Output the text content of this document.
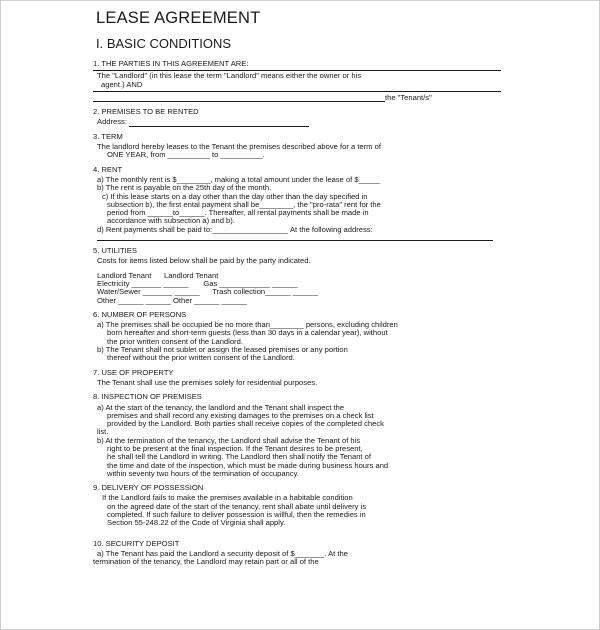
LEASE AGREEMENT
I. BASIC CONDITIONS
1. THE PARTIES IN THIS AGREEMENT ARE:
The "Landlord" (in this lease the term "Landlord" means either the owner or his
agent.) AND
the "Tenant/s"
2. PREMISES TO BE RENTED
Address:
3. TERM
The landlord hereby leases to the Tenant the premises described above for a term of
ONE YEAR, from __________ to __________.
4. RENT
a) The monthly rent is $________, making a total amount under the lease of $_____
b) The rent is payable on the 25th day of the month.
c) If this lease starts on a day other than the day other than the day specified in
subsection b), the first ental payment shall be________, the "pro-rata" rent for the
period from ______to______. Thereafter, all rental payments shall be made in
accordance with subsection a) and b).
d) Rent payments shall be paid to:__________________ At the following address:
5. UTILITIES
Costs for items listed below shall be paid by the party indicated.
Landlord Tenant      Landlord Tenant
Electricity _______ ______       Gas ____________ ______
Water/Sewer _______ ______      Trash collection______ ______
Other ______ ______ Other ______ ______
6. NUMBER OF PERSONS
a) The premises shall be occupied be no more than________ persons, excluding children
born hereafter and short-term guests (less than 30 days in a calendar year), without
the prior written consent of the Landlord.
b) The Tenant shall not sublet or assign the leased premises or any portion
thereof without the prior written consent of the Landlord.
7. USE OF PROPERTY
The Tenant shall use the premises solely for residential purposes.
8. INSPECTION OF PREMISES
a) At the start of the tenancy, the landlord and the Tenant shall inspect the
premises and shall record any existing damages to the premises on a check list
provided by the Landlord. Both parties shall receive copies of the completed check
list.
b) At the termination of the tenancy, the Landlord shall advise the Tenant of his
right to be present at the final inspection. If the Tenant desires to be present,
he shall tell the Landlord in writing. The Landlord then shall notify the Tenant of
the time and date of the inspection, which must be made during business hours and
within seventy two hours of the termination of occupancy.
9. DELIVERY OF POSSESSION
If the Landlord fails to make the premises available in a habitable condition
on the agreed date of the start of the tenancy, rent shall abate until delivery is
completed. If such failure to deliver possession is willful, then the remedies in
Section 55-248.22 of the Code of Virginia shall apply.
10. SECURITY DEPOSIT
a) The Tenant has paid the Landlord a security deposit of $_______. At the
termination of the tenancy, the Landlord may retain part or all of the
